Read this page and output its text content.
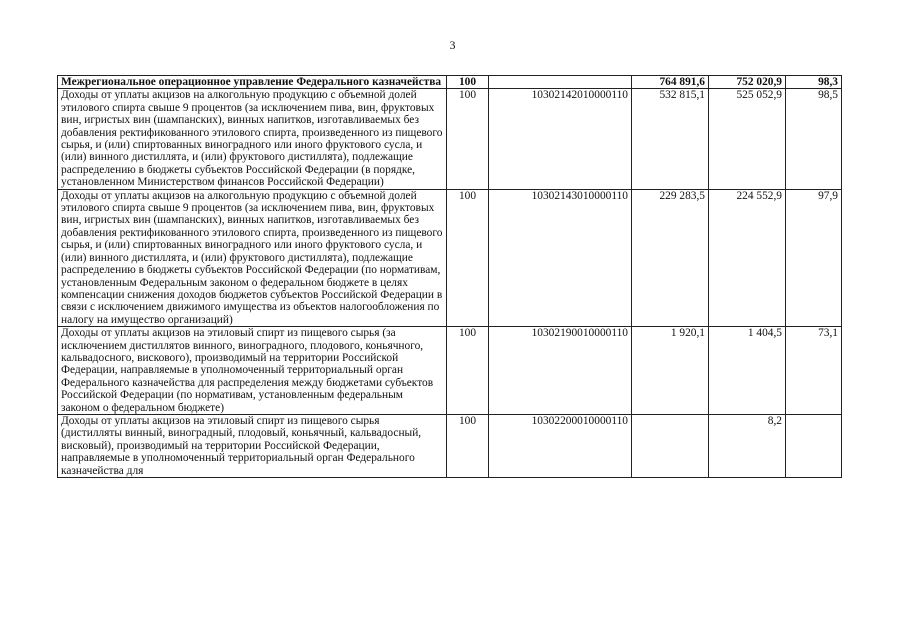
3
Межрегиональное операционное управление Федерального казначейства	100		764 891,6	752 020,9	98,3
Доходы от уплаты акцизов на алкогольную продукцию с объемной долей этилового спирта свыше 9 процентов (за исключением пива, вин, фруктовых вин, игристых вин (шампанских), винных напитков, изготавливаемых без добавления ректификованного этилового спирта, произведенного из пищевого сырья, и (или) спиртованных виноградного или иного фруктового сусла, и (или) винного дистиллята, и (или) фруктового дистиллята), подлежащие распределению в бюджеты субъектов Российской Федерации (в порядке, установленном Министерством финансов Российской Федерации)	100	10302142010000110	532 815,1	525 052,9	98,5
Доходы от уплаты акцизов на алкогольную продукцию с объемной долей этилового спирта свыше 9 процентов (за исключением пива, вин, фруктовых вин, игристых вин (шампанских), винных напитков, изготавливаемых без добавления ректификованного этилового спирта, произведенного из пищевого сырья, и (или) спиртованных виноградного или иного фруктового сусла, и (или) винного дистиллята, и (или) фруктового дистиллята), подлежащие распределению в бюджеты субъектов Российской Федерации (по нормативам, установленным Федеральным законом о федеральном бюджете в целях компенсации снижения доходов бюджетов субъектов Российской Федерации в связи с исключением движимого имущества из объектов налогообложения по налогу на имущество организаций)	100	10302143010000110	229 283,5	224 552,9	97,9
Доходы от уплаты акцизов на этиловый спирт из пищевого сырья (за исключением дистиллятов винного, виноградного, плодового, коньячного, кальвадосного, вискового), производимый на территории Российской Федерации, направляемые в уполномоченный территориальный орган Федерального казначейства для распределения между бюджетами субъектов Российской Федерации (по нормативам, установленным федеральным законом о федеральном бюджете)	100	10302190010000110	1 920,1	1 404,5	73,1
Доходы от уплаты акцизов на этиловый спирт из пищевого сырья (дистилляты винный, виноградный, плодовый, коньячный, кальвадосный, висковый), производимый на территории Российской Федерации, направляемые в уполномоченный территориальный орган Федерального казначейства для	100	10302200010000110		8,2	
